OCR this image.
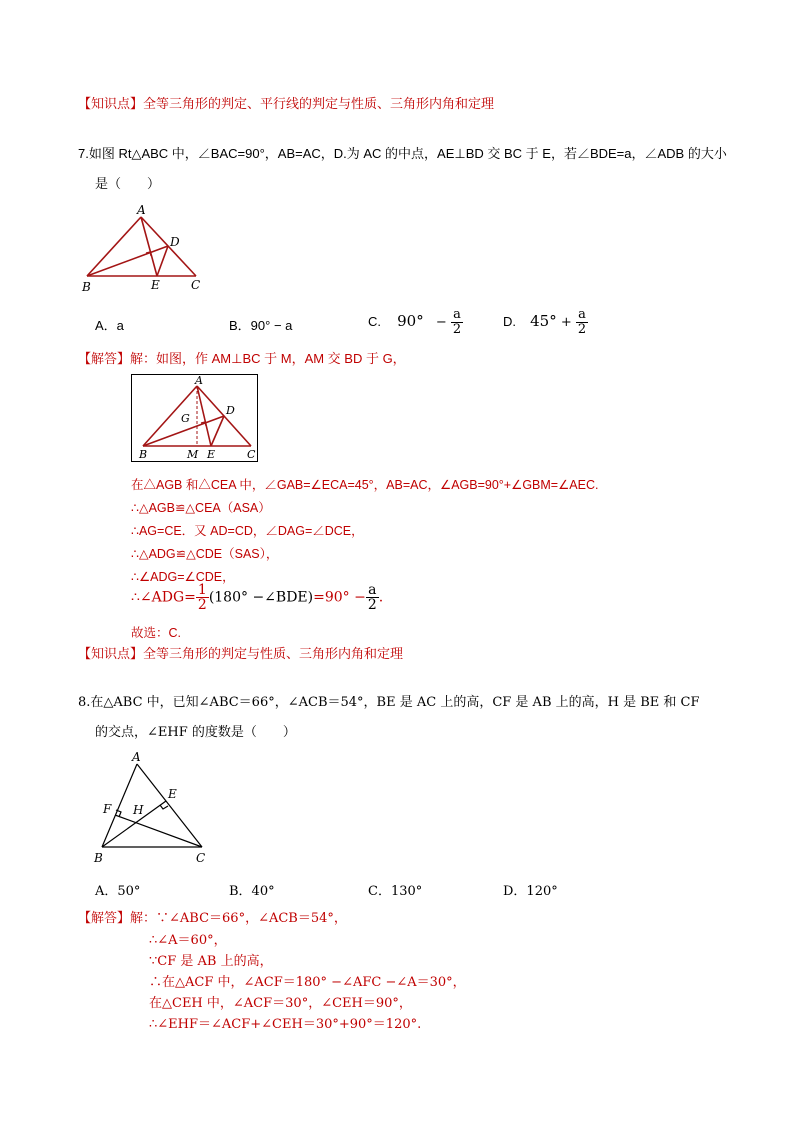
【知识点】全等三角形的判定、平行线的判定与性质、三角形内角和定理
7.如图 Rt△ABC 中，∠BAC=90°，AB=AC，D.为 AC 的中点，AE⊥BD 交 BC 于 E，若∠BDE=a，∠ADB 的大小
是（　　）
A
D
B	E	C
A．a	B．90° − a	C. $90^\circ - \frac{a}{2}$	D. $45^\circ + \frac{a}{2}$
【解答】解：如图，作 AM⊥BC 于 M，AM 交 BD 于 G，
A
G
D
B	M E	C
在△AGB 和△CEA 中，∠GAB=∠ECA=45°，AB=AC，∠AGB=90°+∠GBM=∠AEC.
∴△AGB≌△CEA（ASA）
∴AG=CE．又 AD=CD，∠DAG=∠DCE，
∴△ADG≌△CDE（SAS），
∴∠ADG=∠CDE，
∴∠ADG= $\frac{1}{2} (180^\circ$ −∠BDE)=90° − $\frac{a}{2}$ .
故选：C.
【知识点】全等三角形的判定与性质、三角形内角和定理
8.在△ABC 中，已知∠ABC＝66°，∠ACB＝54°，BE 是 AC 上的高，CF 是 AB 上的高，H 是 BE 和 CF
的交点，∠EHF 的度数是（　　）
A
E
F H
B	C
A．50°	B．40°	C．130°	D．120°
【解答】解：∵∠ABC＝66°，∠ACB＝54°，
∴∠A＝60°，
∵CF 是 AB 上的高，
∴在△ACF 中，∠ACF＝180° −∠AFC −∠A＝30°，
在△CEH 中，∠ACF＝30°，∠CEH＝90°，
∴∠EHF＝∠ACF+∠CEH＝30°+90°＝120°.
